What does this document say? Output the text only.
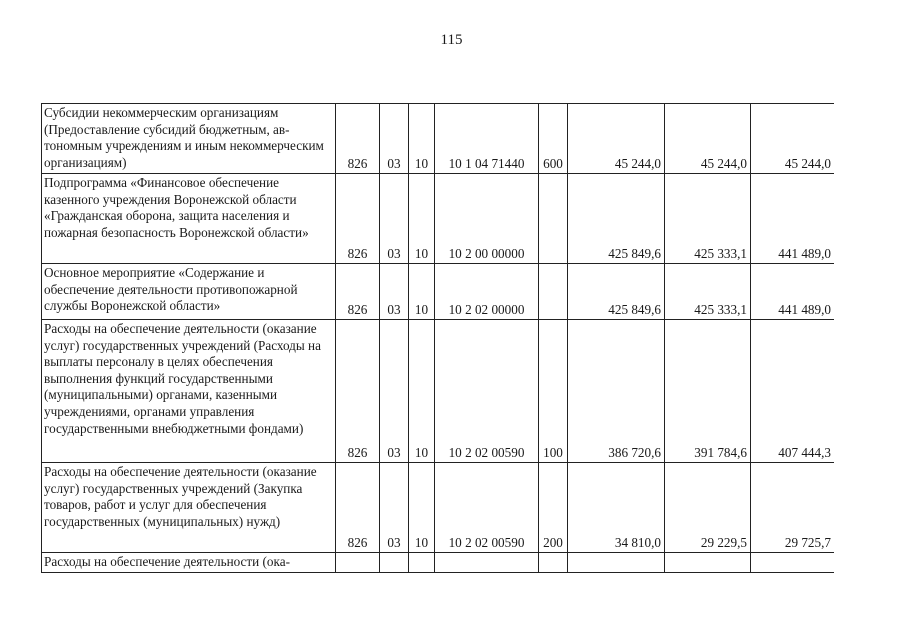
115
Субсидии некоммерческим организациям (Предоставление субсидий бюджетным, автономным учреждениям и иным некоммерческим организациям)	826	03	10	10 1 04 71440	600	45 244,0	45 244,0	45 244,0
Подпрограмма «Финансовое обеспечение казенного учреждения Воронежской области «Гражданская оборона, защита населения и пожарная безопасность Воронежской области»	826	03	10	10 2 00 00000		425 849,6	425 333,1	441 489,0
Основное мероприятие «Содержание и обеспечение деятельности противопожарной службы Воронежской области»	826	03	10	10 2 02 00000		425 849,6	425 333,1	441 489,0
Расходы на обеспечение деятельности (оказание услуг) государственных учреждений (Расходы на выплаты персоналу в целях обеспечения выполнения функций государственными (муниципальными) органами, казенными учреждениями, органами управления государственными внебюджетными фондами)	826	03	10	10 2 02 00590	100	386 720,6	391 784,6	407 444,3
Расходы на обеспечение деятельности (оказание услуг) государственных учреждений (Закупка товаров, работ и услуг для обеспечения государственных (муниципальных) нужд)	826	03	10	10 2 02 00590	200	34 810,0	29 229,5	29 725,7
Расходы на обеспечение деятельности (ока-								
